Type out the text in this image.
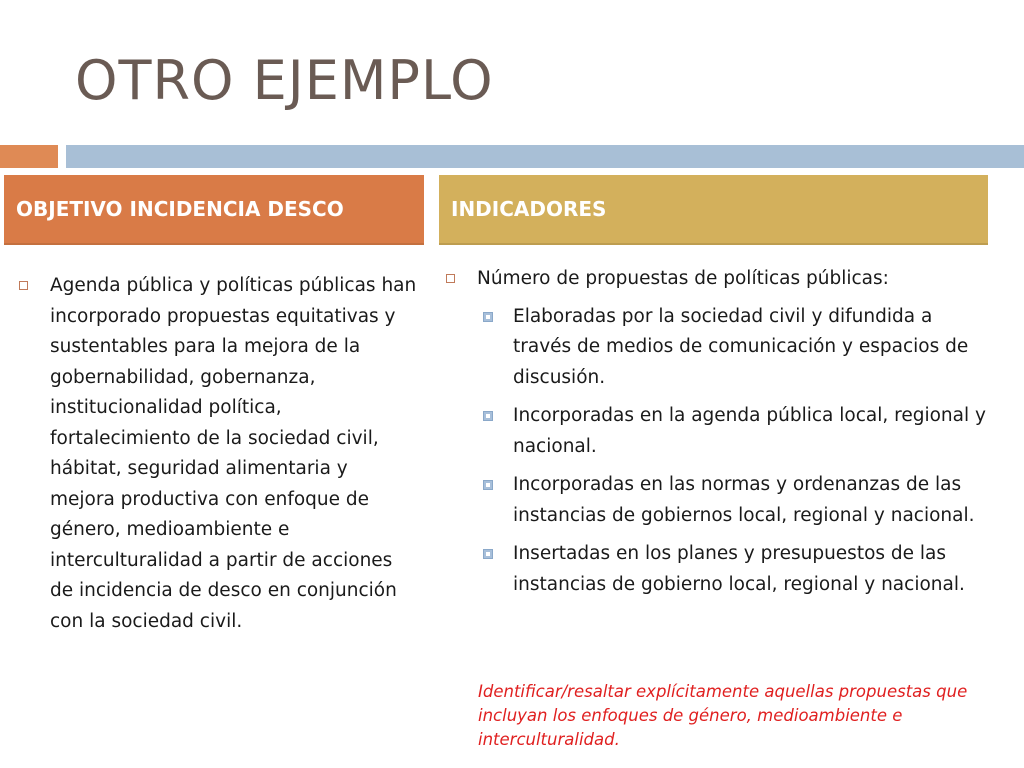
OTRO EJEMPLO
OBJETIVO INCIDENCIA DESCO	INDICADORES
Agenda pública y políticas públicas han incorporado propuestas equitativas y sustentables para la mejora de la gobernabilidad, gobernanza, institucionalidad política, fortalecimiento de la sociedad civil, hábitat, seguridad alimentaria y mejora productiva con enfoque de género, medioambiente e interculturalidad a partir de acciones de incidencia de desco en conjunción con la sociedad civil.
Número de propuestas de políticas públicas:
Elaboradas por la sociedad civil y difundida a través de medios de comunicación y espacios de discusión.
Incorporadas en la agenda pública local, regional y nacional.
Incorporadas en las normas y ordenanzas de las instancias de gobiernos local, regional y nacional.
Insertadas en los planes y presupuestos de las instancias de gobierno local, regional y nacional.
Identificar/resaltar explícitamente aquellas propuestas que incluyan los enfoques de género, medioambiente e interculturalidad.
